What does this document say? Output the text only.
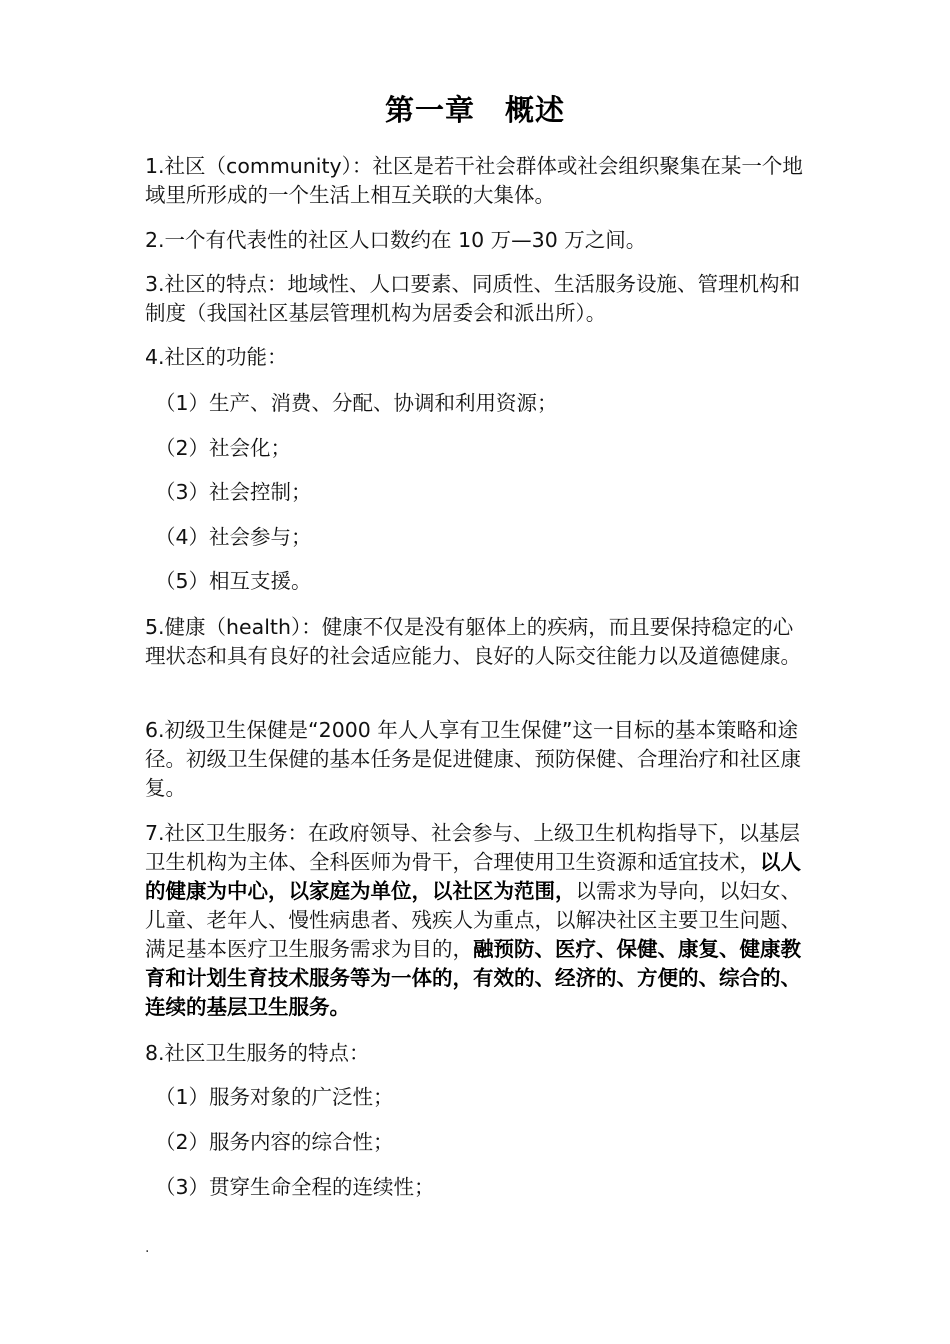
第一章 概述

1.社区（community）：社区是若干社会群体或社会组织聚集在某一个地域里所形成的一个生活上相互关联的大集体。

2.一个有代表性的社区人口数约在 10 万—30 万之间。

3.社区的特点：地域性、人口要素、同质性、生活服务设施、管理机构和制度（我国社区基层管理机构为居委会和派出所）。

4.社区的功能：

（1）生产、消费、分配、协调和利用资源；

（2）社会化；

（3）社会控制；

（4）社会参与；

（5）相互支援。

5.健康（health）：健康不仅是没有躯体上的疾病，而且要保持稳定的心理状态和具有良好的社会适应能力、良好的人际交往能力以及道德健康。

6.初级卫生保健是“2000 年人人享有卫生保健”这一目标的基本策略和途径。初级卫生保健的基本任务是促进健康、预防保健、合理治疗和社区康复。

7.社区卫生服务：在政府领导、社会参与、上级卫生机构指导下，以基层卫生机构为主体、全科医师为骨干，合理使用卫生资源和适宜技术，以人的健康为中心，以家庭为单位，以社区为范围，以需求为导向，以妇女、儿童、老年人、慢性病患者、残疾人为重点，以解决社区主要卫生问题、满足基本医疗卫生服务需求为目的，融预防、医疗、保健、康复、健康教育和计划生育技术服务等为一体的，有效的、经济的、方便的、综合的、连续的基层卫生服务。

8.社区卫生服务的特点：

（1）服务对象的广泛性；

（2）服务内容的综合性；

（3）贯穿生命全程的连续性；

.
